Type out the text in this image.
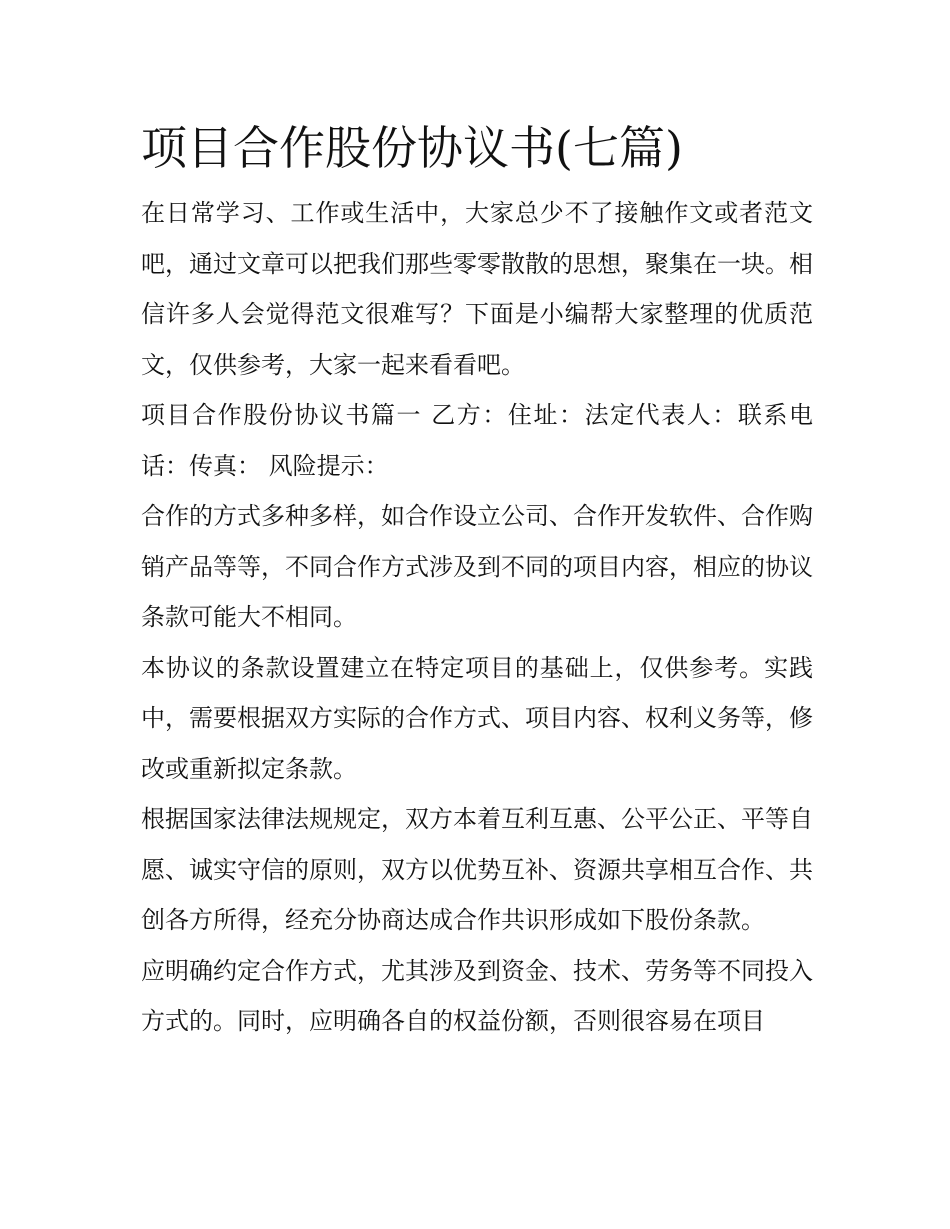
项目合作股份协议书(七篇)

在日常学习、工作或生活中，大家总少不了接触作文或者范文吧，通过文章可以把我们那些零零散散的思想，聚集在一块。相信许多人会觉得范文很难写？下面是小编帮大家整理的优质范文，仅供参考，大家一起来看看吧。

项目合作股份协议书篇一 乙方：住址：法定代表人：联系电话：传真： 风险提示：

合作的方式多种多样，如合作设立公司、合作开发软件、合作购销产品等等，不同合作方式涉及到不同的项目内容，相应的协议条款可能大不相同。

本协议的条款设置建立在特定项目的基础上，仅供参考。实践中，需要根据双方实际的合作方式、项目内容、权利义务等，修改或重新拟定条款。

根据国家法律法规规定，双方本着互利互惠、公平公正、平等自愿、诚实守信的原则，双方以优势互补、资源共享相互合作、共创各方所得，经充分协商达成合作共识形成如下股份条款。

应明确约定合作方式，尤其涉及到资金、技术、劳务等不同投入方式的。同时，应明确各自的权益份额，否则很容易在项目
